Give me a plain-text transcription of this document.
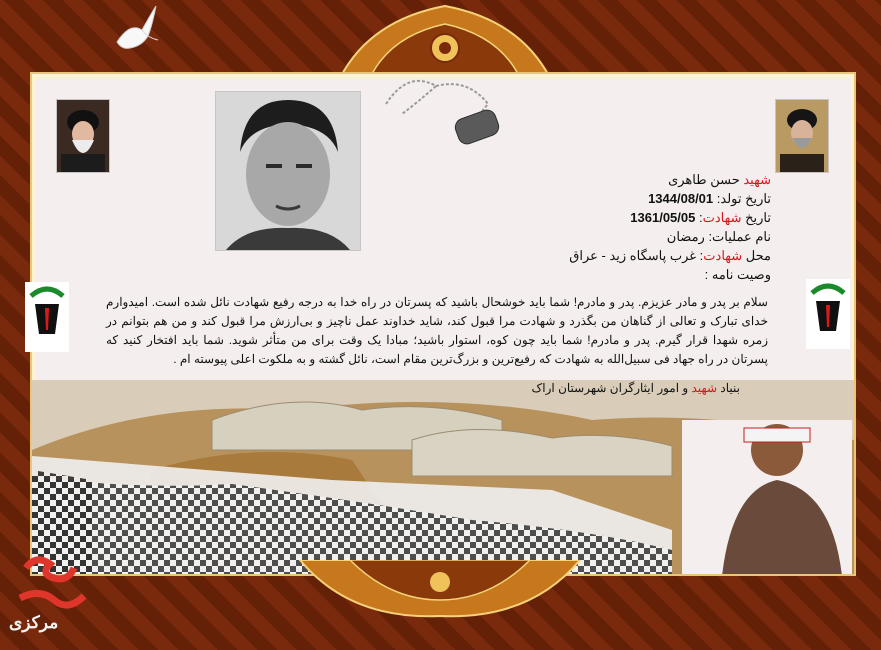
شهید حسن طاهری
تاریخ تولد: 1344/08/01
تاریخ شهادت: 1361/05/05
نام عملیات: رمضان
محل شهادت: غرب پاسگاه زید - عراق
وصیت نامه :
سلام بر پدر و مادر عزیزم. پدر و مادرم! شما باید خوشحال باشید که پسرتان در راه خدا به درجه رفیع شهادت نائل شده است. امیدوارم خدای تبارک و تعالی از گناهان من بگذرد و شهادت مرا قبول کند، شاید خداوند عمل ناچیز و بی‌ارزش مرا قبول کند و من هم بتوانم در زمره شهدا قرار گیرم. پدر و مادرم! شما باید چون کوه، استوار باشید؛ مبادا یک وقت برای من متأثر شوید. شما باید افتخار کنید که پسرتان در راه جهاد فی سبیل‌الله به شهادت که رفیع‌ترین و بزرگ‌ترین مقام است، نائل گشته و به ملکوت اعلی پیوسته ام .
بنیاد شهید و امور ایثارگران شهرستان اراک
مرکزی
